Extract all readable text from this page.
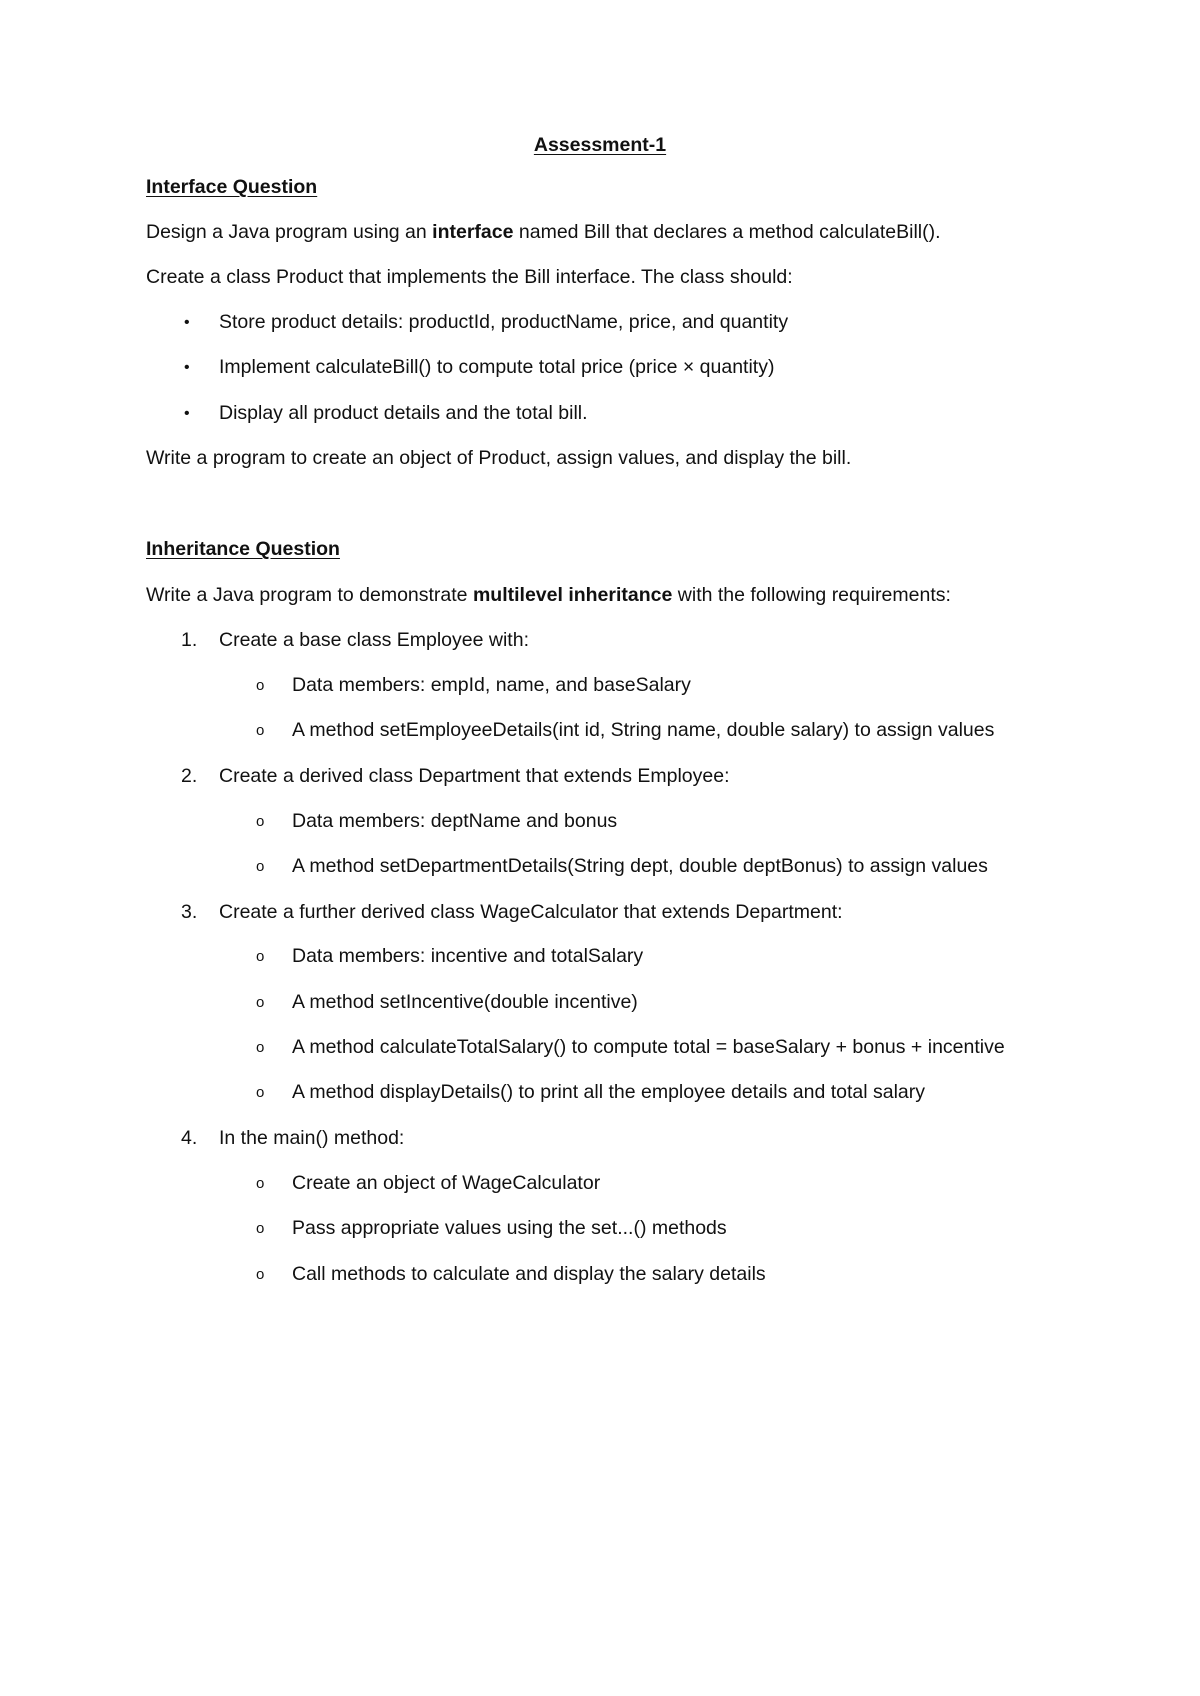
Assessment-1
Interface Question
Design a Java program using an interface named Bill that declares a method calculateBill().
Create a class Product that implements the Bill interface. The class should:
• Store product details: productId, productName, price, and quantity
• Implement calculateBill() to compute total price (price × quantity)
• Display all product details and the total bill.
Write a program to create an object of Product, assign values, and display the bill.
Inheritance Question
Write a Java program to demonstrate multilevel inheritance with the following requirements:
1. Create a base class Employee with:
o Data members: empId, name, and baseSalary
o A method setEmployeeDetails(int id, String name, double salary) to assign values
2. Create a derived class Department that extends Employee:
o Data members: deptName and bonus
o A method setDepartmentDetails(String dept, double deptBonus) to assign values
3. Create a further derived class WageCalculator that extends Department:
o Data members: incentive and totalSalary
o A method setIncentive(double incentive)
o A method calculateTotalSalary() to compute total = baseSalary + bonus + incentive
o A method displayDetails() to print all the employee details and total salary
4. In the main() method:
o Create an object of WageCalculator
o Pass appropriate values using the set...() methods
o Call methods to calculate and display the salary details
